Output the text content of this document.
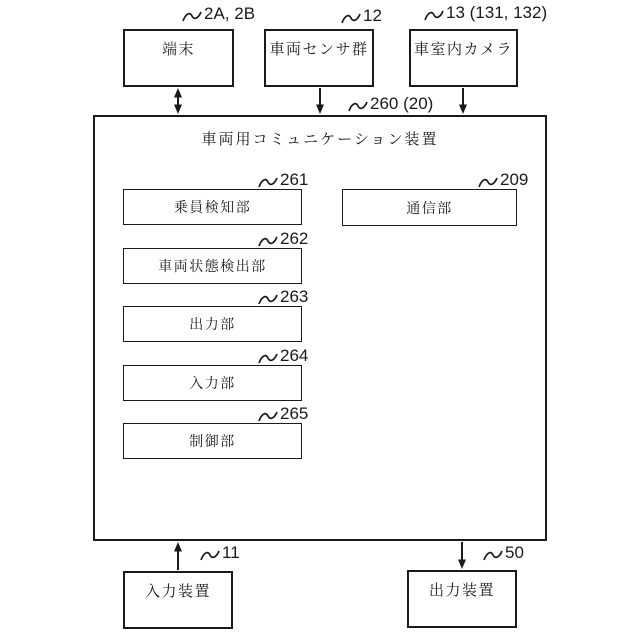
端末	車両センサ群	車室内カメラ
車両用コミュニケーション装置
乗員検知部
車両状態検出部
出力部
入力部
制御部
通信部
入力装置	出力装置
2A, 2B	12	13 (131, 132)
260 (20)
261	209
262
263
264
265
11	50
